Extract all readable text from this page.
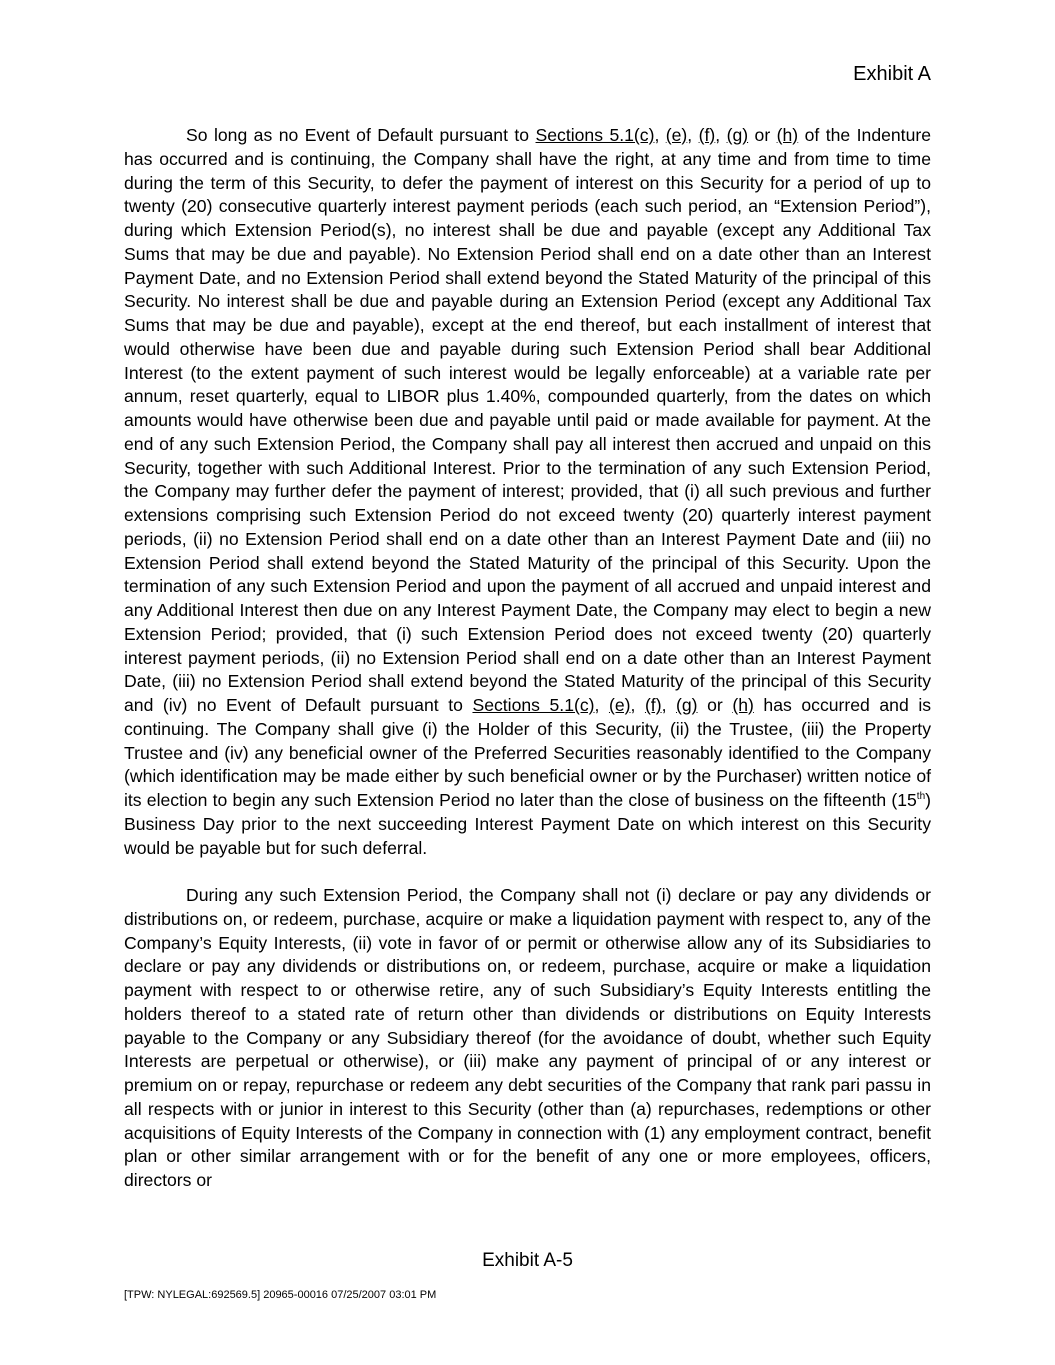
Exhibit A

So long as no Event of Default pursuant to Sections 5.1(c), (e), (f), (g) or (h) of the Indenture has occurred and is continuing, the Company shall have the right, at any time and from time to time during the term of this Security, to defer the payment of interest on this Security for a period of up to twenty (20) consecutive quarterly interest payment periods (each such period, an “Extension Period”), during which Extension Period(s), no interest shall be due and payable (except any Additional Tax Sums that may be due and payable). No Extension Period shall end on a date other than an Interest Payment Date, and no Extension Period shall extend beyond the Stated Maturity of the principal of this Security. No interest shall be due and payable during an Extension Period (except any Additional Tax Sums that may be due and payable), except at the end thereof, but each installment of interest that would otherwise have been due and payable during such Extension Period shall bear Additional Interest (to the extent payment of such interest would be legally enforceable) at a variable rate per annum, reset quarterly, equal to LIBOR plus 1.40%, compounded quarterly, from the dates on which amounts would have otherwise been due and payable until paid or made available for payment. At the end of any such Extension Period, the Company shall pay all interest then accrued and unpaid on this Security, together with such Additional Interest. Prior to the termination of any such Extension Period, the Company may further defer the payment of interest; provided, that (i) all such previous and further extensions comprising such Extension Period do not exceed twenty (20) quarterly interest payment periods, (ii) no Extension Period shall end on a date other than an Interest Payment Date and (iii) no Extension Period shall extend beyond the Stated Maturity of the principal of this Security. Upon the termination of any such Extension Period and upon the payment of all accrued and unpaid interest and any Additional Interest then due on any Interest Payment Date, the Company may elect to begin a new Extension Period; provided, that (i) such Extension Period does not exceed twenty (20) quarterly interest payment periods, (ii) no Extension Period shall end on a date other than an Interest Payment Date, (iii) no Extension Period shall extend beyond the Stated Maturity of the principal of this Security and (iv) no Event of Default pursuant to Sections 5.1(c), (e), (f), (g) or (h) has occurred and is continuing. The Company shall give (i) the Holder of this Security, (ii) the Trustee, (iii) the Property Trustee and (iv) any beneficial owner of the Preferred Securities reasonably identified to the Company (which identification may be made either by such beneficial owner or by the Purchaser) written notice of its election to begin any such Extension Period no later than the close of business on the fifteenth (15th) Business Day prior to the next succeeding Interest Payment Date on which interest on this Security would be payable but for such deferral.

During any such Extension Period, the Company shall not (i) declare or pay any dividends or distributions on, or redeem, purchase, acquire or make a liquidation payment with respect to, any of the Company’s Equity Interests, (ii) vote in favor of or permit or otherwise allow any of its Subsidiaries to declare or pay any dividends or distributions on, or redeem, purchase, acquire or make a liquidation payment with respect to or otherwise retire, any of such Subsidiary’s Equity Interests entitling the holders thereof to a stated rate of return other than dividends or distributions on Equity Interests payable to the Company or any Subsidiary thereof (for the avoidance of doubt, whether such Equity Interests are perpetual or otherwise), or (iii) make any payment of principal of or any interest or premium on or repay, repurchase or redeem any debt securities of the Company that rank pari passu in all respects with or junior in interest to this Security (other than (a) repurchases, redemptions or other acquisitions of Equity Interests of the Company in connection with (1) any employment contract, benefit plan or other similar arrangement with or for the benefit of any one or more employees, officers, directors or

Exhibit A-5
[TPW: NYLEGAL:692569.5] 20965-00016 07/25/2007 03:01 PM
